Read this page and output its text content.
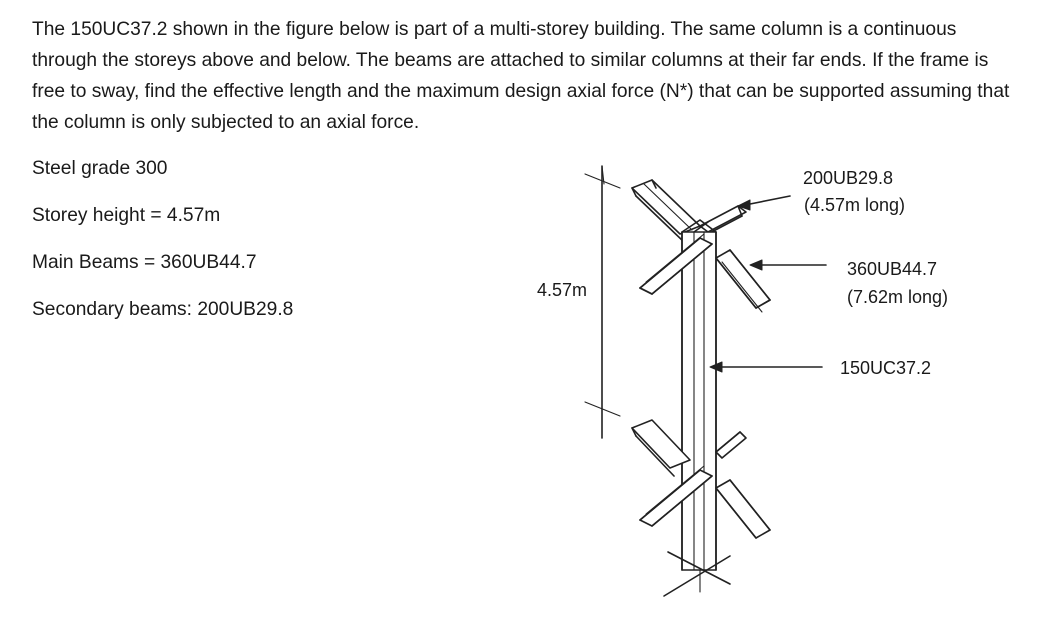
The 150UC37.2 shown in the figure below is part of a multi-storey building. The same column is a continuous through the storeys above and below. The beams are attached to similar columns at their far ends. If the frame is free to sway, find the effective length and the maximum design axial force (N*) that can be supported assuming that the column is only subjected to an axial force.

Steel grade 300

Storey height = 4.57m

Main Beams = 360UB44.7

Secondary beams: 200UB29.8

4.57m
200UB29.8
(4.57m long)
360UB44.7
(7.62m long)
150UC37.2
